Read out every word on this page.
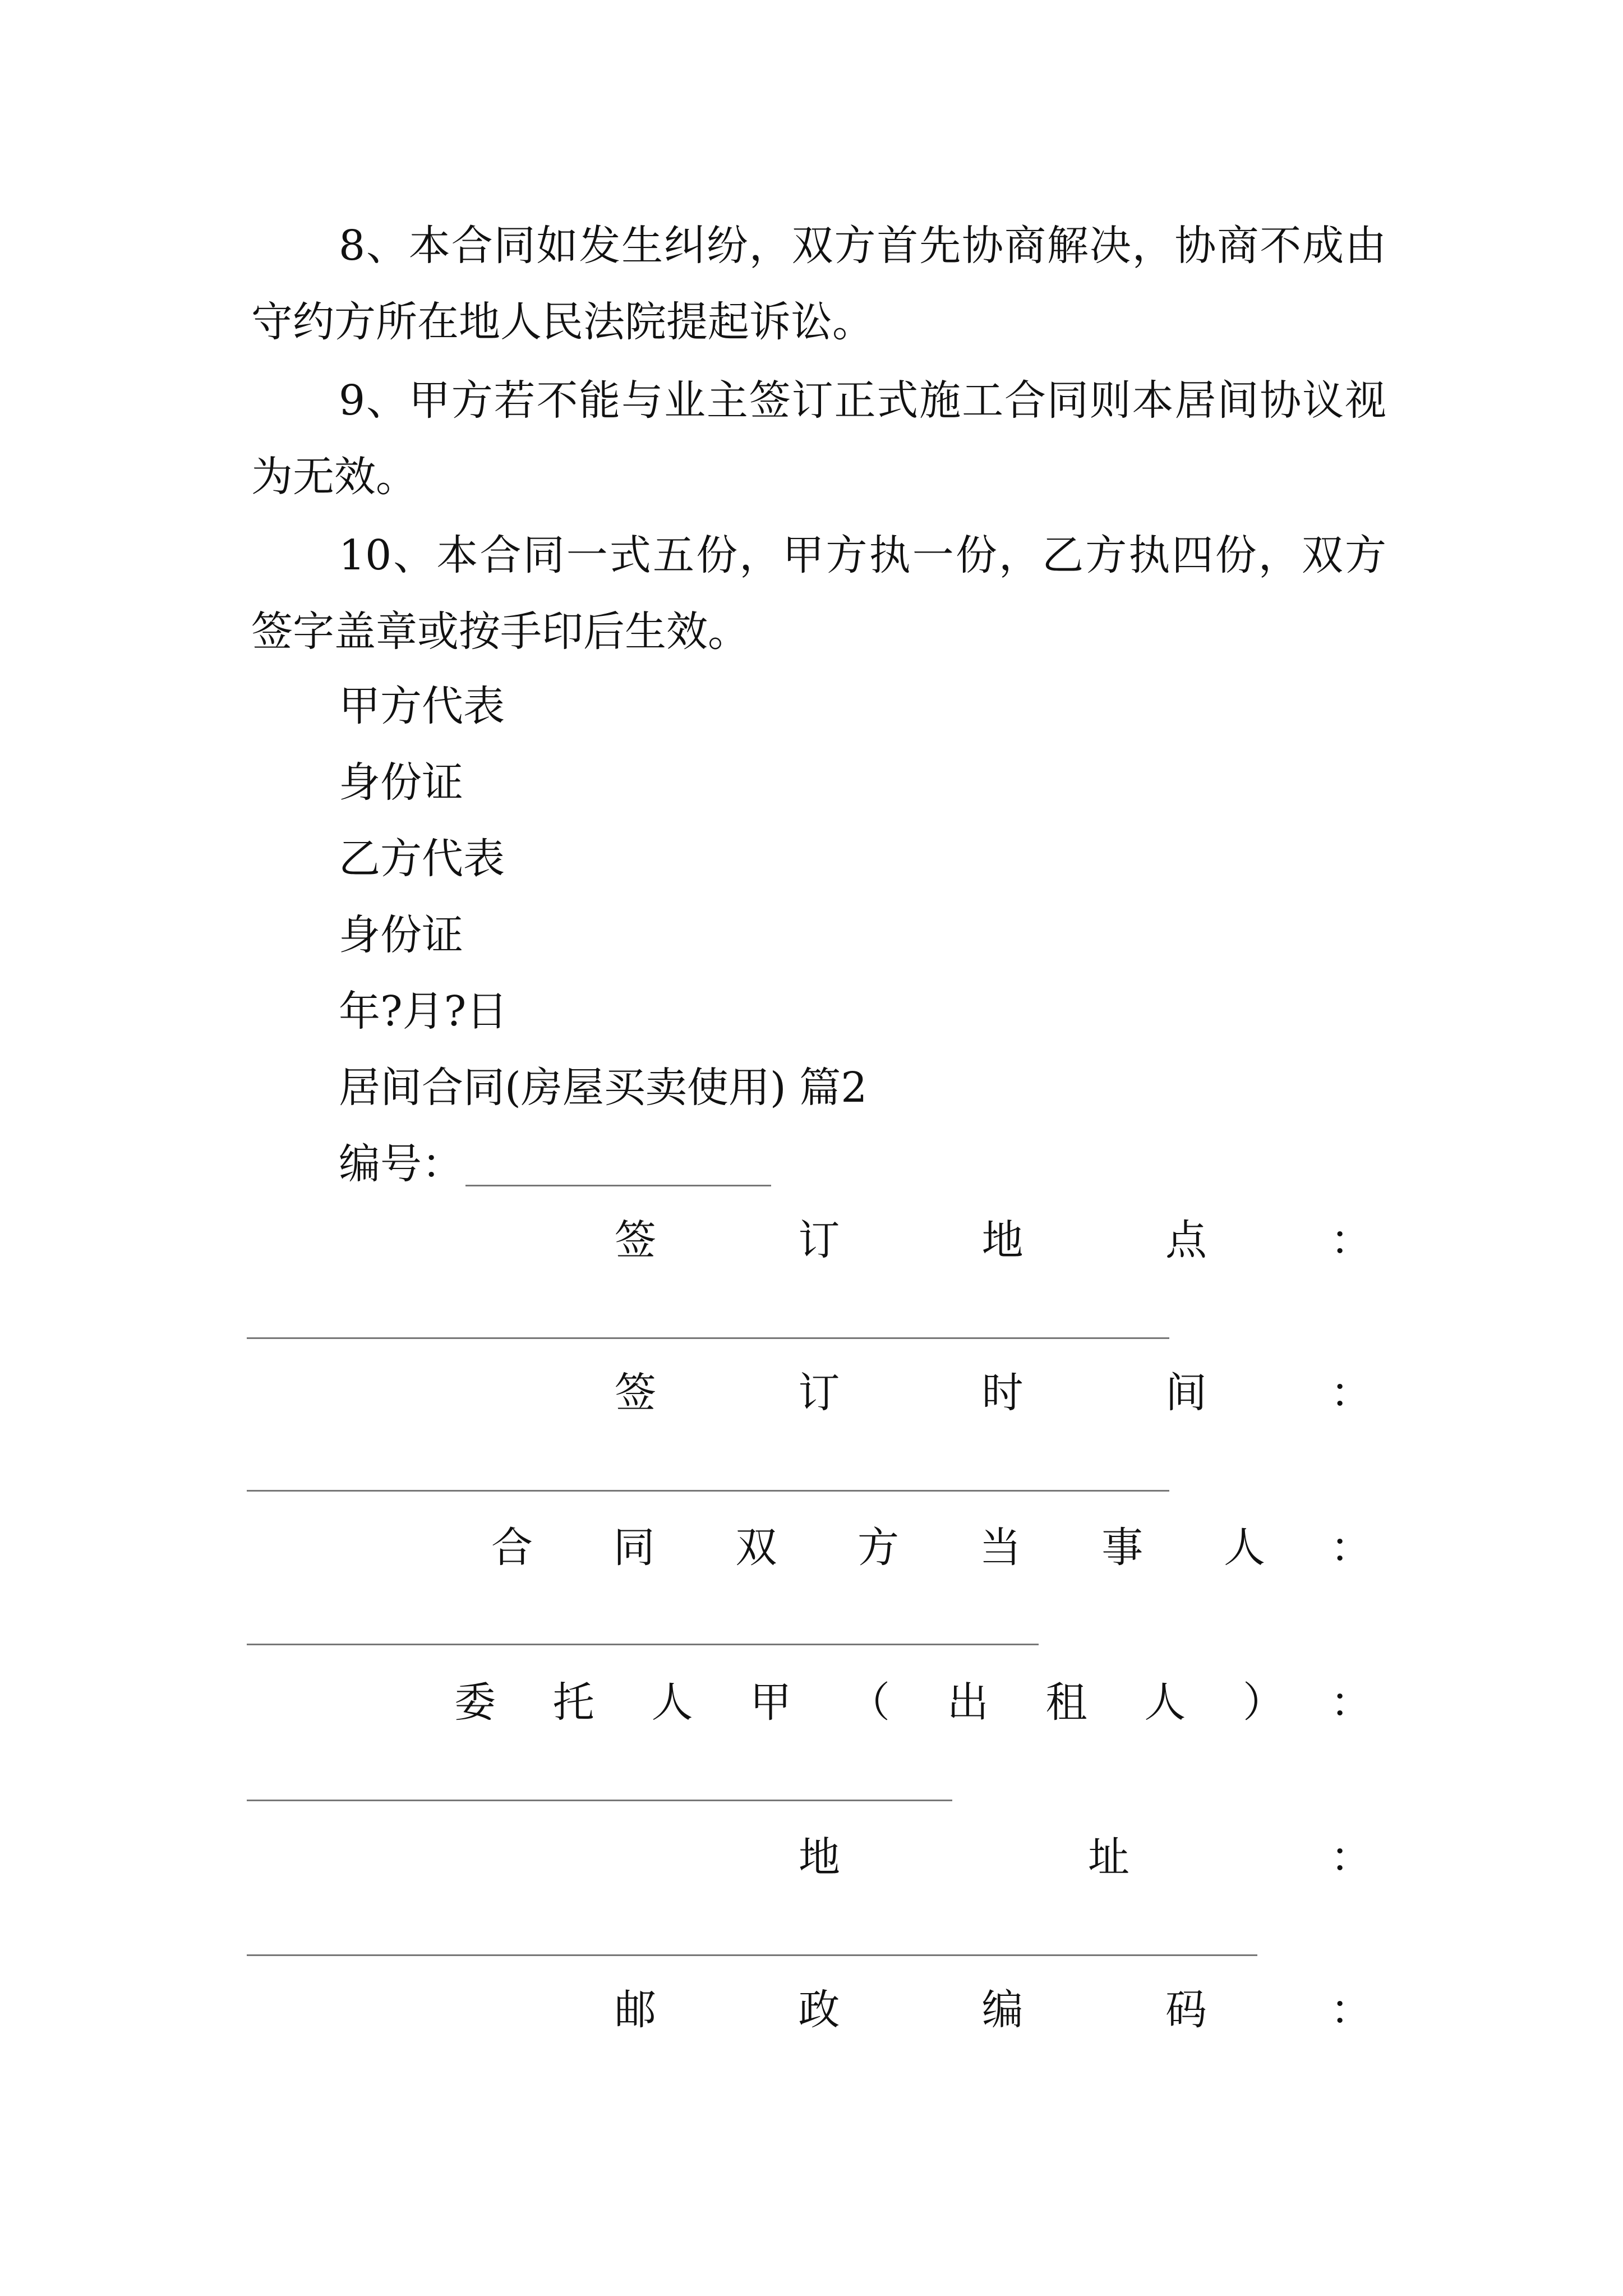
8、本合同如发生纠纷，双方首先协商解决，协商不成由守约方所在地人民法院提起诉讼。

9、甲方若不能与业主签订正式施工合同则本居间协议视为无效。

10、本合同一式五份，甲方执一份，乙方执四份，双方签字盖章或按手印后生效。

甲方代表
身份证
乙方代表
身份证
年?月?日
居间合同(房屋买卖使用) 篇2
编号：
签	订	地	点	：
签	订	时	间	：
合 同 双 方 当 事 人 ：
委 托 人 甲 （ 出 租 人 ） ：
地	址	：
邮	政	编	码	：
